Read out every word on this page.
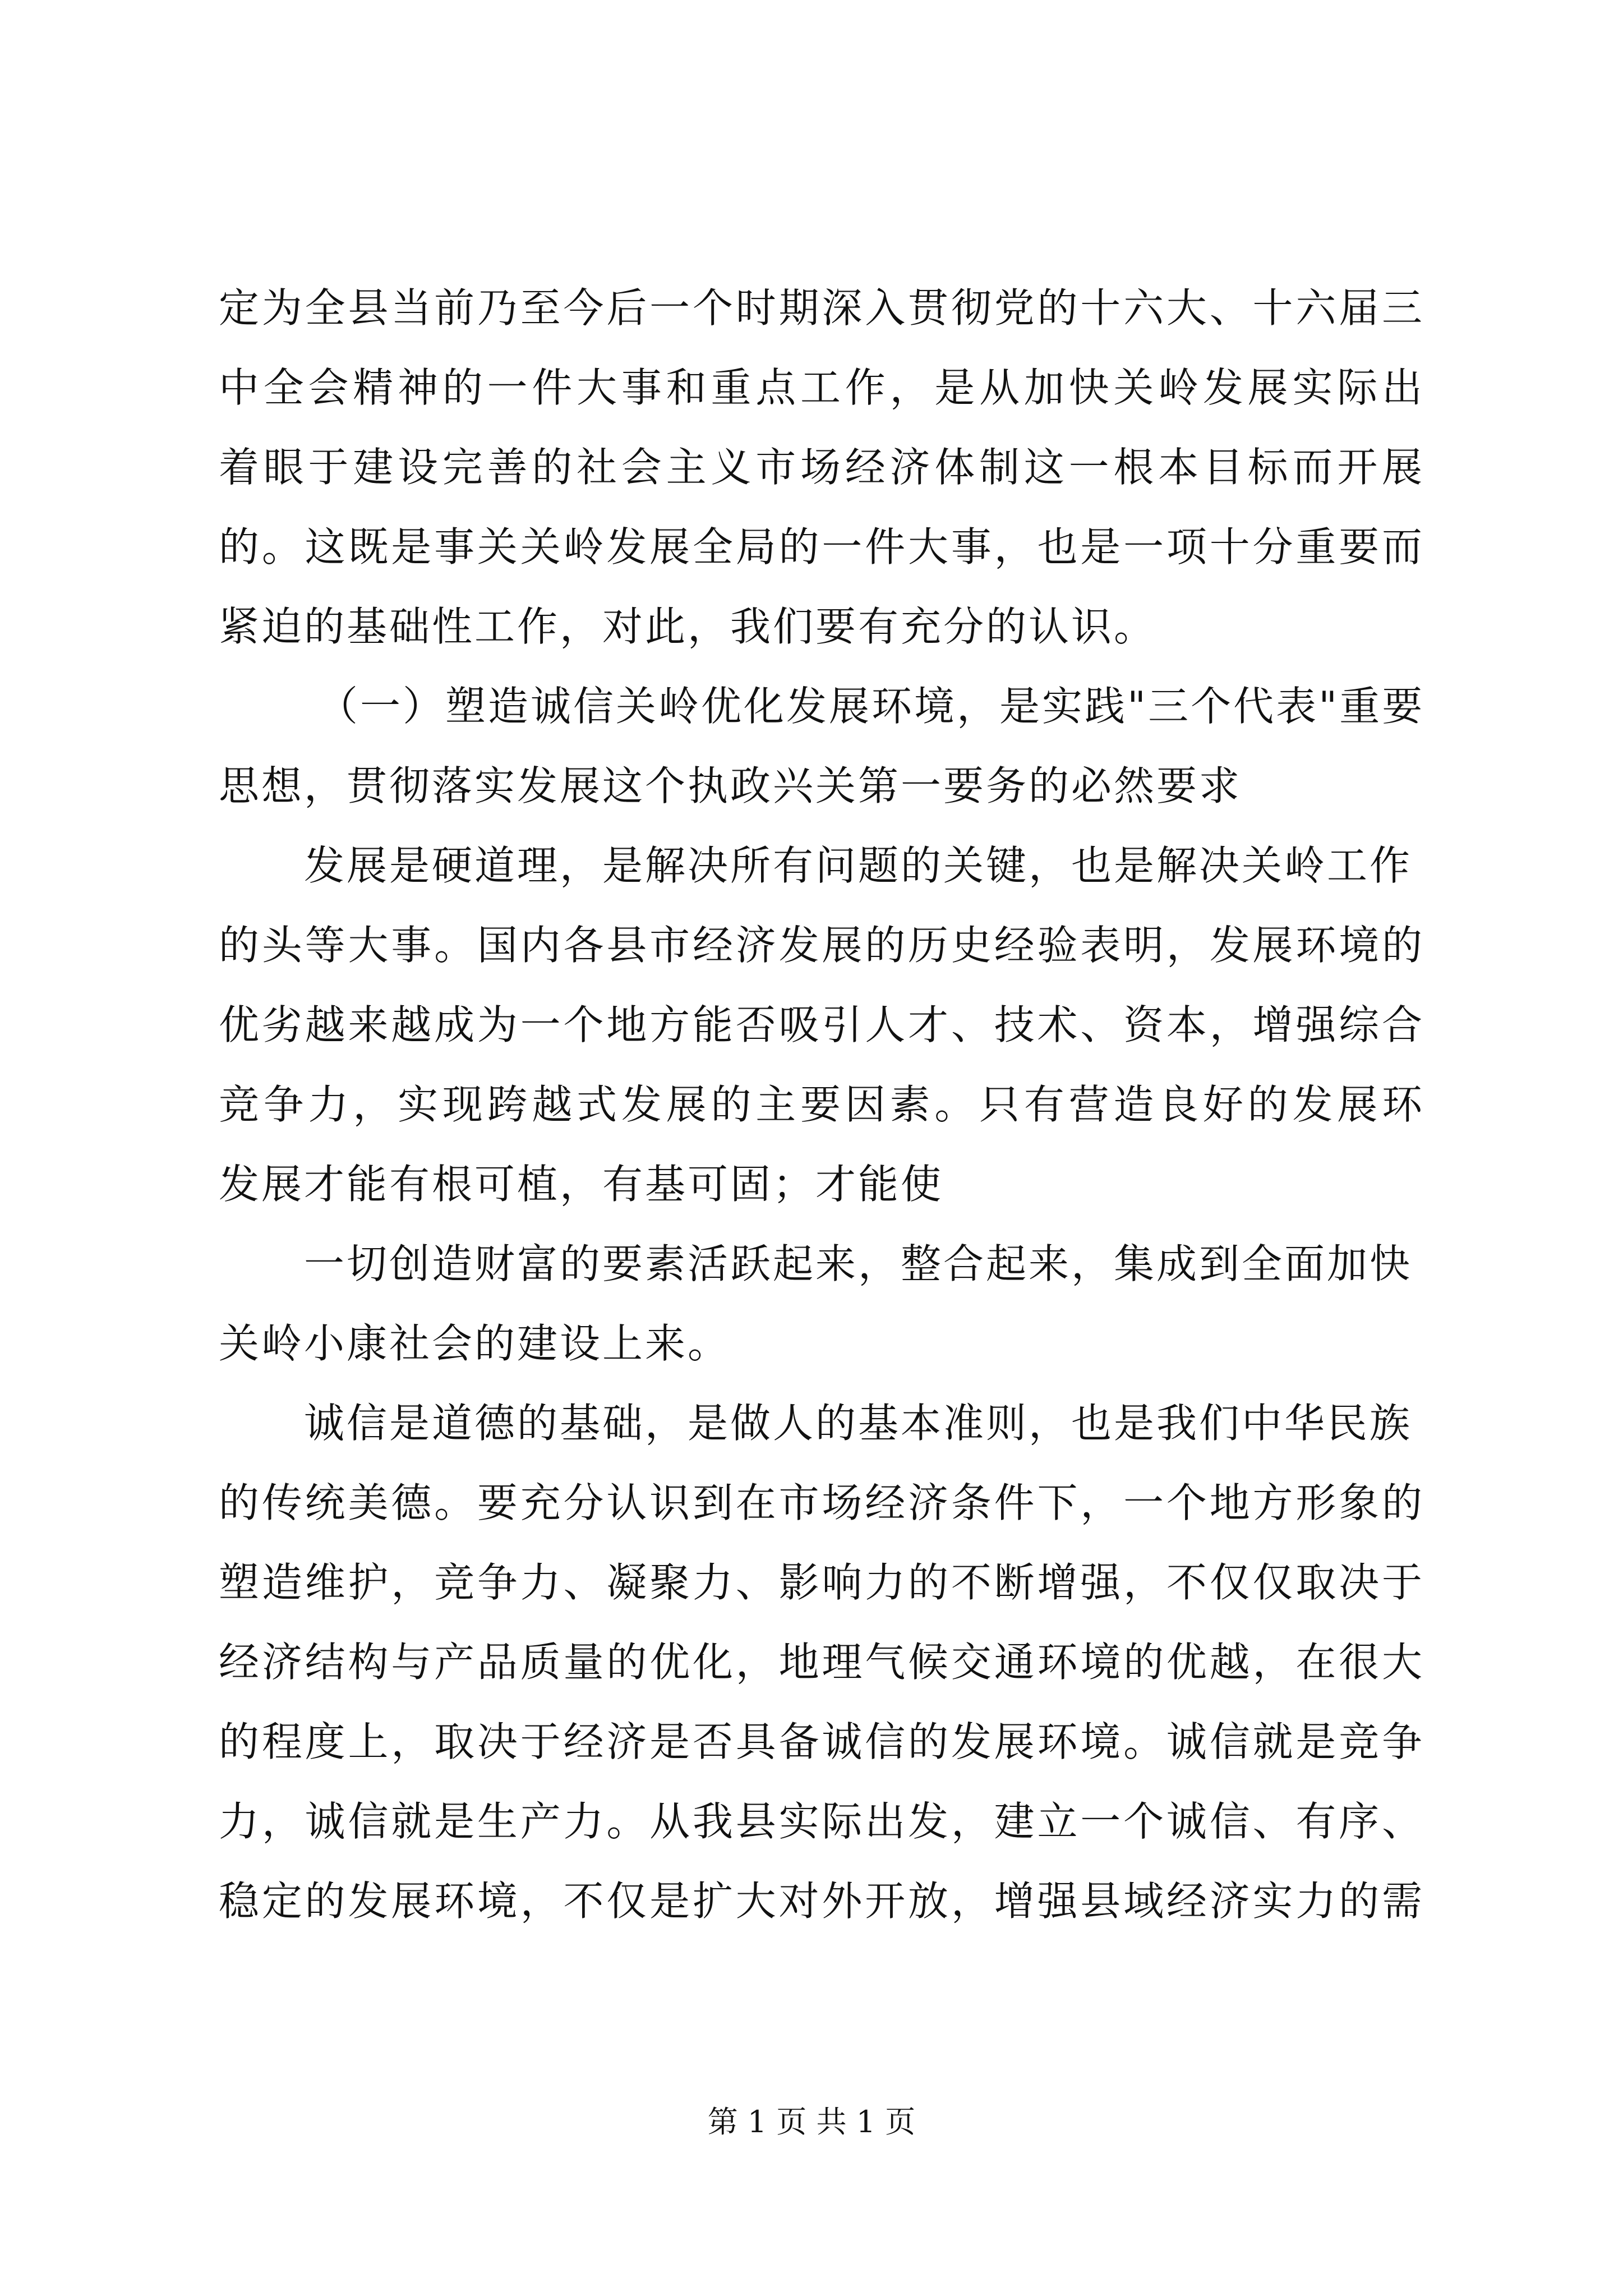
定为全县当前乃至今后一个时期深入贯彻党的十六大、十六届三
中全会精神的一件大事和重点工作，是从加快关岭发展实际出
着眼于建设完善的社会主义市场经济体制这一根本目标而开展
的。这既是事关关岭发展全局的一件大事，也是一项十分重要而
紧迫的基础性工作，对此，我们要有充分的认识。
（一）塑造诚信关岭优化发展环境，是实践"三个代表"重要
思想，贯彻落实发展这个执政兴关第一要务的必然要求
发展是硬道理，是解决所有问题的关键，也是解决关岭工作
的头等大事。国内各县市经济发展的历史经验表明，发展环境的
优劣越来越成为一个地方能否吸引人才、技术、资本，增强综合
竞争力，实现跨越式发展的主要因素。只有营造良好的发展环
发展才能有根可植，有基可固；才能使
一切创造财富的要素活跃起来，整合起来，集成到全面加快
关岭小康社会的建设上来。
诚信是道德的基础，是做人的基本准则，也是我们中华民族
的传统美德。要充分认识到在市场经济条件下，一个地方形象的
塑造维护，竞争力、凝聚力、影响力的不断增强，不仅仅取决于
经济结构与产品质量的优化，地理气候交通环境的优越，在很大
的程度上，取决于经济是否具备诚信的发展环境。诚信就是竞争
力，诚信就是生产力。从我县实际出发，建立一个诚信、有序、
稳定的发展环境，不仅是扩大对外开放，增强县域经济实力的需
第 1 页 共 1 页
